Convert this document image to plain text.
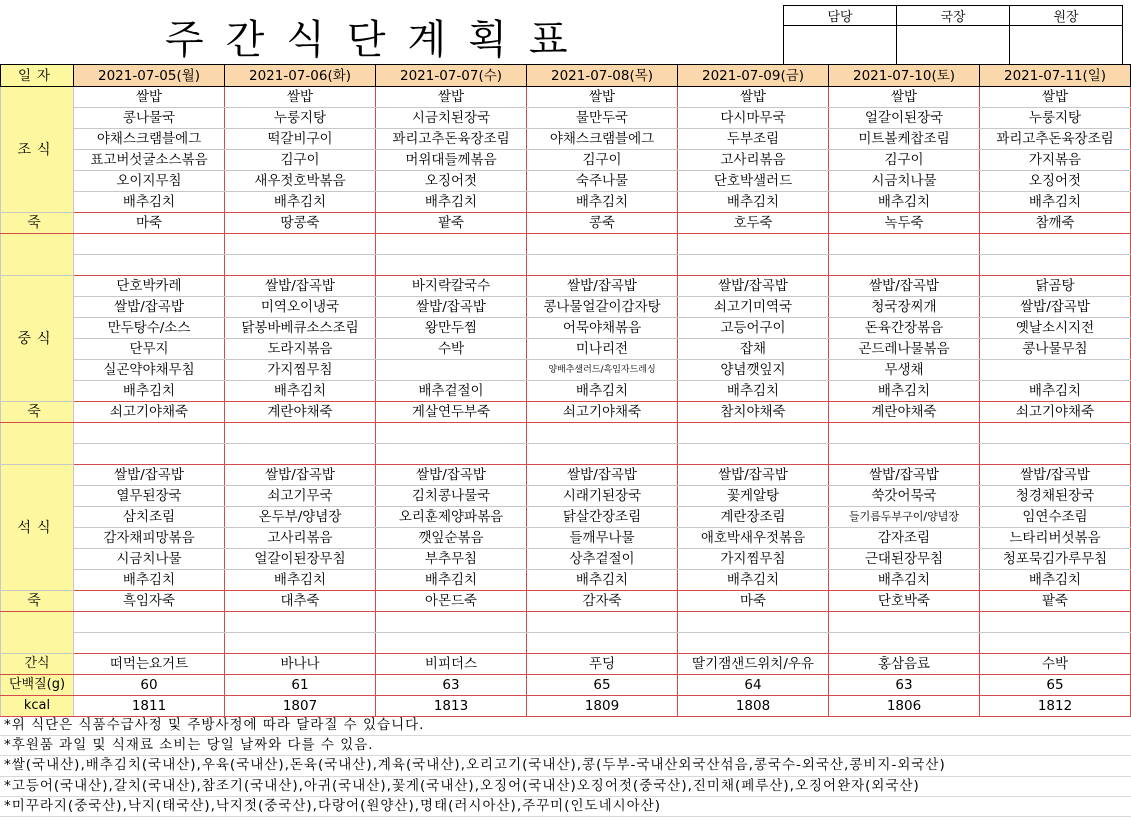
주간식단계획표	담당	국장	원장

일자	2021-07-05(월)	2021-07-06(화)	2021-07-07(수)	2021-07-08(목)	2021-07-09(금)	2021-07-10(토)	2021-07-11(일)
조식	쌀밥	쌀밥	쌀밥	쌀밥	쌀밥	쌀밥	쌀밥
	콩나물국	누룽지탕	시금치된장국	물만두국	다시마무국	얼갈이된장국	누룽지탕
	야채스크램블에그	떡갈비구이	꽈리고추돈육장조림	야채스크램블에그	두부조림	미트볼케찹조림	꽈리고추돈육장조림
	표고버섯굴소스볶음	김구이	머위대들께볶음	김구이	고사리볶음	김구이	가지볶음
	오이지무침	새우젓호박볶음	오징어젓	숙주나물	단호박샐러드	시금치나물	오징어젓
	배추김치	배추김치	배추김치	배추김치	배추김치	배추김치	배추김치
죽	마죽	땅콩죽	팥죽	콩죽	호두죽	녹두죽	참깨죽

중식	단호박카레	쌀밥/잡곡밥	바지락칼국수	쌀밥/잡곡밥	쌀밥/잡곡밥	쌀밥/잡곡밥	닭곰탕
	쌀밥/잡곡밥	미역오이냉국	쌀밥/잡곡밥	콩나물얼갈이감자탕	쇠고기미역국	청국장찌개	쌀밥/잡곡밥
	만두탕수/소스	닭봉바베큐소스조림	왕만두찜	어묵야채볶음	고등어구이	돈육간장볶음	옛날소시지전
	단무지	도라지볶음	수박	미나리전	잡채	곤드레나물볶음	콩나물무침
	실곤약야채무침	가지찜무침		양배추샐러드/흑임자드레싱	양념깻잎지	무생채	
	배추김치	배추김치	배추겉절이	배추김치	배추김치	배추김치	배추김치
죽	쇠고기야채죽	계란야채죽	게살연두부죽	쇠고기야채죽	참치야채죽	계란야채죽	쇠고기야채죽

석식	쌀밥/잡곡밥	쌀밥/잡곡밥	쌀밥/잡곡밥	쌀밥/잡곡밥	쌀밥/잡곡밥	쌀밥/잡곡밥	쌀밥/잡곡밥
	열무된장국	쇠고기무국	김치콩나물국	시래기된장국	꽃게알탕	쑥갓어묵국	청경채된장국
	삼치조림	온두부/양념장	오리훈제양파볶음	닭살간장조림	계란장조림	들기름두부구이/양념장	임연수조림
	감자채피망볶음	고사리볶음	깻잎순볶음	들깨무나물	애호박새우젓볶음	감자조림	느타리버섯볶음
	시금치나물	얼갈이된장무침	부추무침	상추겉절이	가지찜무침	근대된장무침	청포묵김가루무침
	배추김치	배추김치	배추김치	배추김치	배추김치	배추김치	배추김치
죽	흑임자죽	대추죽	아몬드죽	감자죽	마죽	단호박죽	팥죽

간식	떠먹는요거트	바나나	비피더스	푸딩	딸기잼샌드위치/우유	홍삼음료	수박
단백질(g)	60	61	63	65	64	63	65
kcal	1811	1807	1813	1809	1808	1806	1812
*위 식단은 식품수급사정 및 주방사정에 따라 달라질 수 있습니다.
*후원품 과일 및 식재료 소비는 당일 날짜와 다를 수 있음.
*쌀(국내산),배추김치(국내산),우육(국내산),돈육(국내산),계육(국내산),오리고기(국내산),콩(두부-국내산외국산섞음,콩국수-외국산,콩비지-외국산)
*고등어(국내산),갈치(국내산),참조기(국내산),아귀(국내산),꽃게(국내산),오징어(국내산)오징어젓(중국산),진미채(페루산),오징어완자(외국산)
*미꾸라지(중국산),낙지(태국산),낙지젓(중국산),다랑어(원양산),명태(러시아산),주꾸미(인도네시아산)
